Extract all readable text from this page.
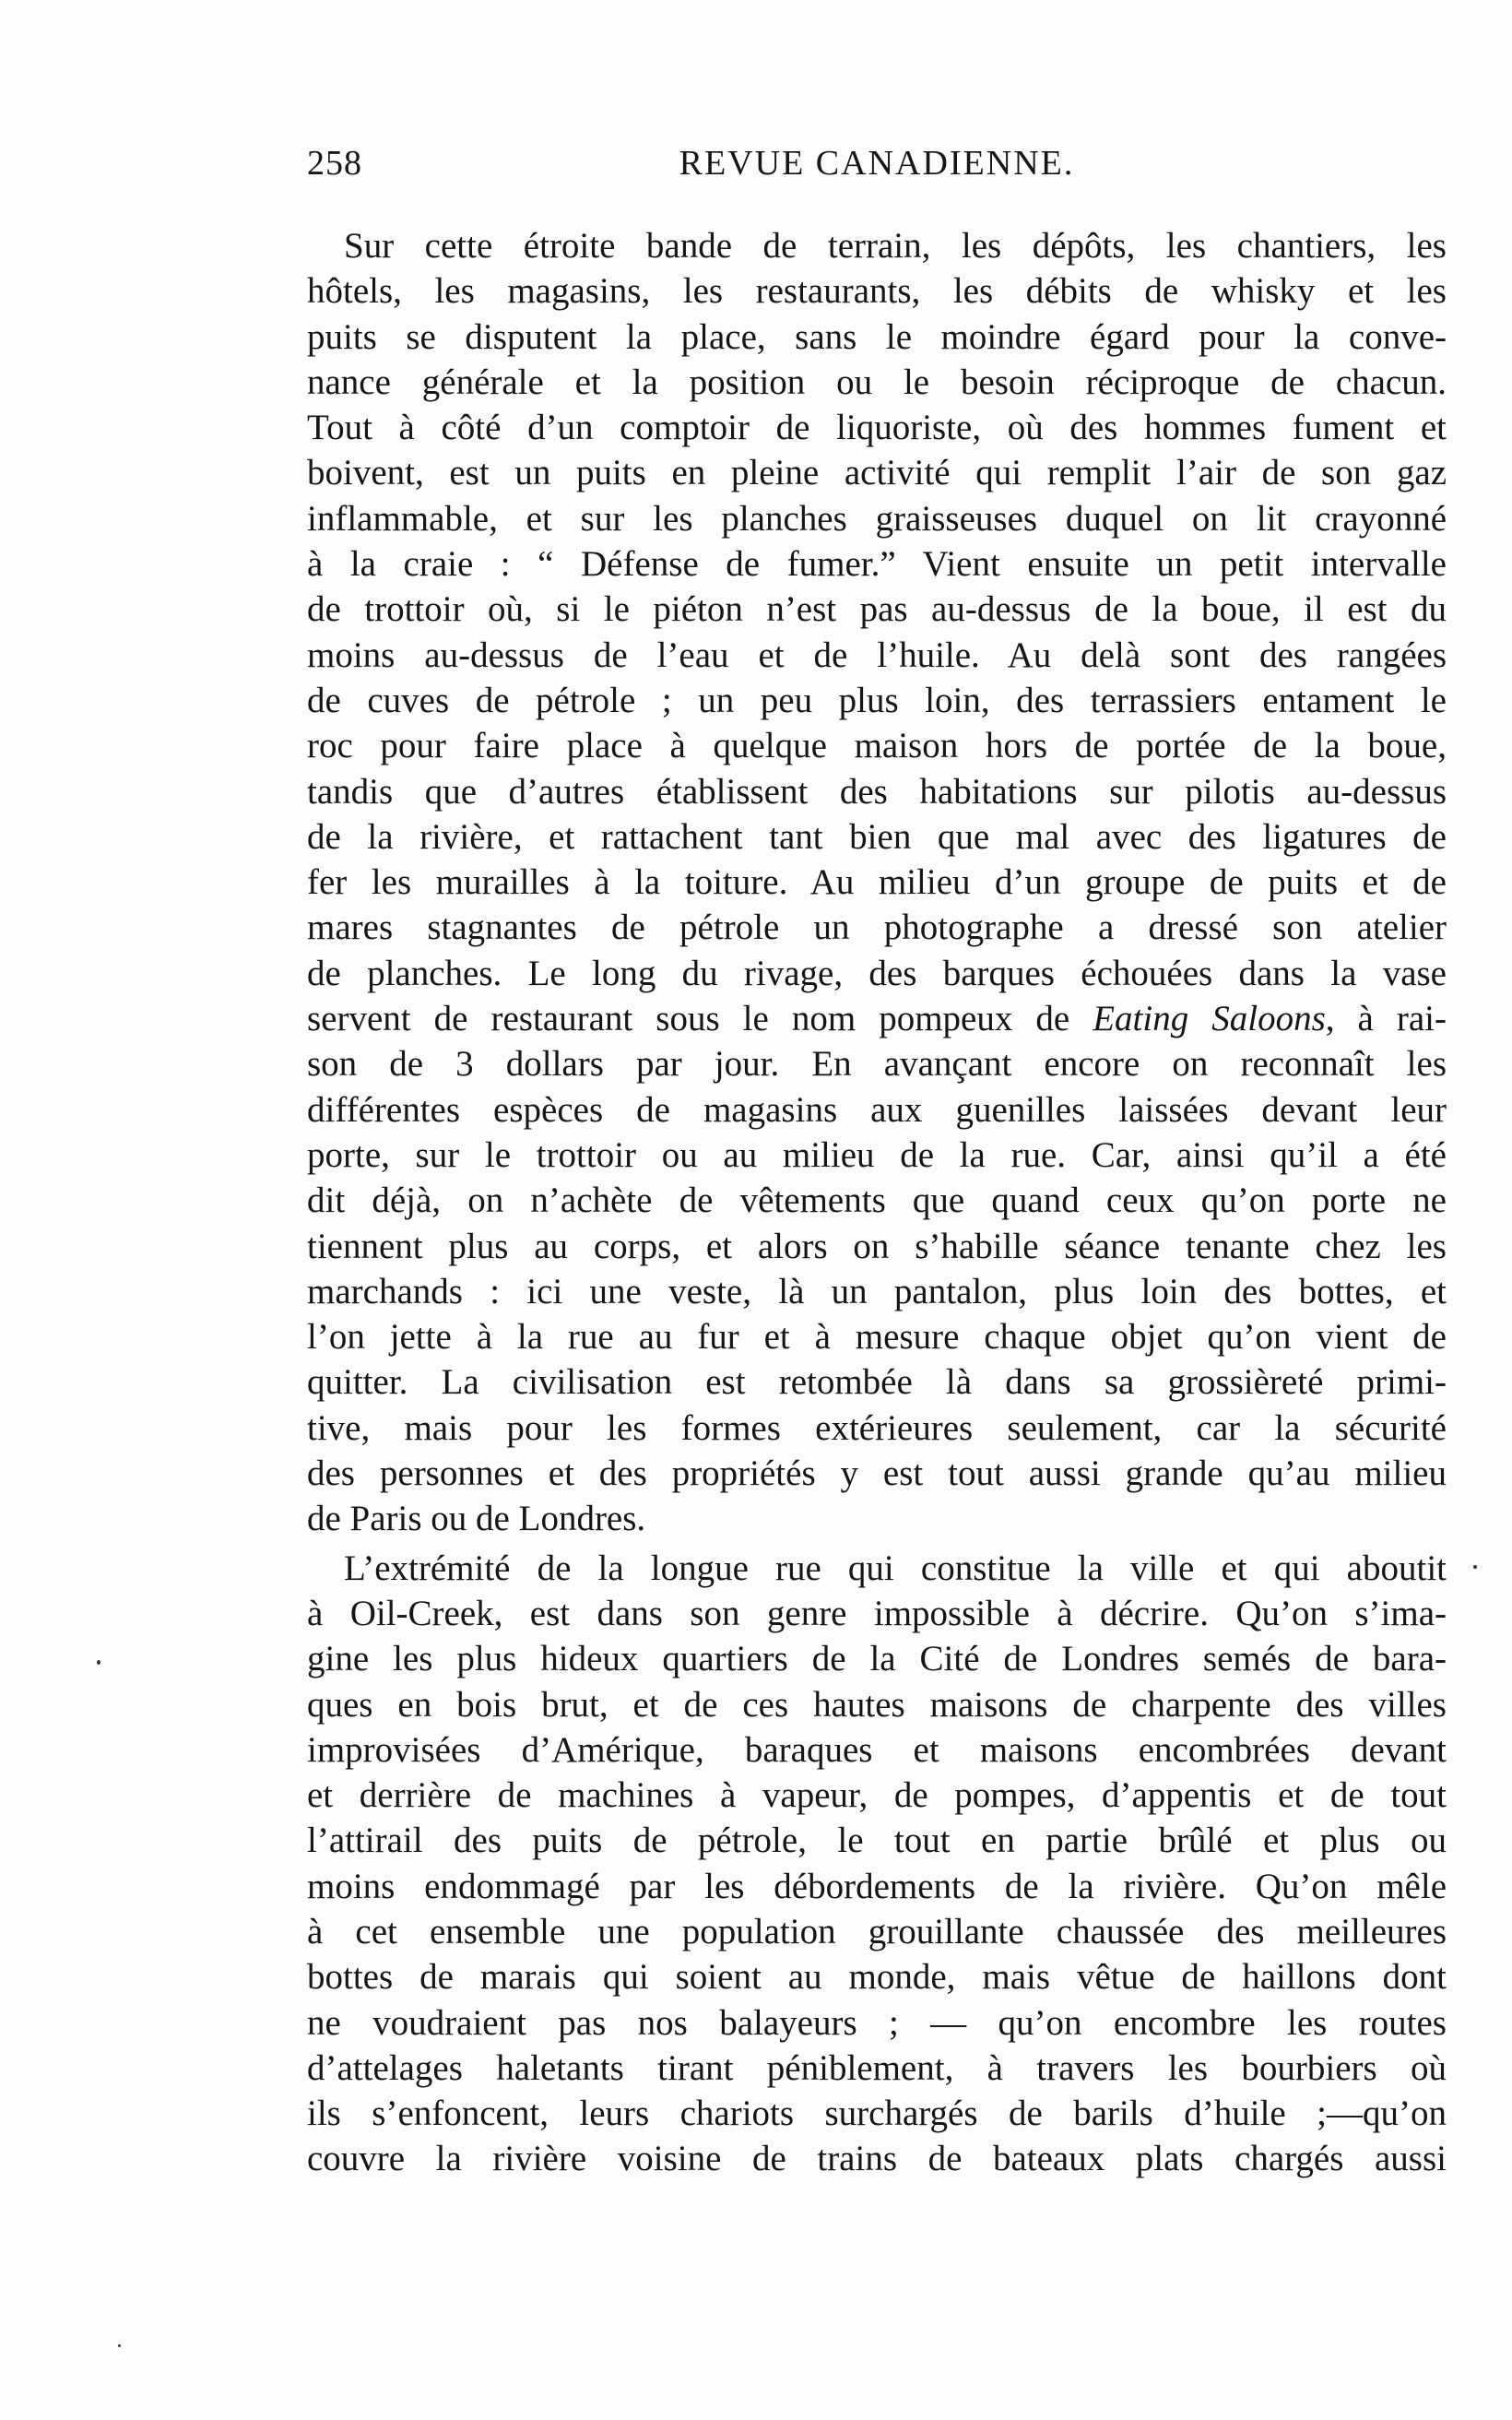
258	REVUE CANADIENNE.
Sur cette étroite bande de terrain, les dépôts, les chantiers, les
hôtels, les magasins, les restaurants, les débits de whisky et les
puits se disputent la place, sans le moindre égard pour la conve-
nance générale et la position ou le besoin réciproque de chacun.
Tout à côté d’un comptoir de liquoriste, où des hommes fument et
boivent, est un puits en pleine activité qui remplit l’air de son gaz
inflammable, et sur les planches graisseuses duquel on lit crayonné
à la craie : “ Défense de fumer.” Vient ensuite un petit intervalle
de trottoir où, si le piéton n’est pas au-dessus de la boue, il est du
moins au-dessus de l’eau et de l’huile. Au delà sont des rangées
de cuves de pétrole ; un peu plus loin, des terrassiers entament le
roc pour faire place à quelque maison hors de portée de la boue,
tandis que d’autres établissent des habitations sur pilotis au-dessus
de la rivière, et rattachent tant bien que mal avec des ligatures de
fer les murailles à la toiture. Au milieu d’un groupe de puits et de
mares stagnantes de pétrole un photographe a dressé son atelier
de planches. Le long du rivage, des barques échouées dans la vase
servent de restaurant sous le nom pompeux de Eating Saloons, à rai-
son de 3 dollars par jour. En avançant encore on reconnaît les
différentes espèces de magasins aux guenilles laissées devant leur
porte, sur le trottoir ou au milieu de la rue. Car, ainsi qu’il a été
dit déjà, on n’achète de vêtements que quand ceux qu’on porte ne
tiennent plus au corps, et alors on s’habille séance tenante chez les
marchands : ici une veste, là un pantalon, plus loin des bottes, et
l’on jette à la rue au fur et à mesure chaque objet qu’on vient de
quitter. La civilisation est retombée là dans sa grossièreté primi-
tive, mais pour les formes extérieures seulement, car la sécurité
des personnes et des propriétés y est tout aussi grande qu’au milieu
de Paris ou de Londres.
L’extrémité de la longue rue qui constitue la ville et qui aboutit
à Oil-Creek, est dans son genre impossible à décrire. Qu’on s’ima-
gine les plus hideux quartiers de la Cité de Londres semés de bara-
ques en bois brut, et de ces hautes maisons de charpente des villes
improvisées d’Amérique, baraques et maisons encombrées devant
et derrière de machines à vapeur, de pompes, d’appentis et de tout
l’attirail des puits de pétrole, le tout en partie brûlé et plus ou
moins endommagé par les débordements de la rivière. Qu’on mêle
à cet ensemble une population grouillante chaussée des meilleures
bottes de marais qui soient au monde, mais vêtue de haillons dont
ne voudraient pas nos balayeurs ; — qu’on encombre les routes
d’attelages haletants tirant péniblement, à travers les bourbiers où
ils s’enfoncent, leurs chariots surchargés de barils d’huile ;—qu’on
couvre la rivière voisine de trains de bateaux plats chargés aussi
